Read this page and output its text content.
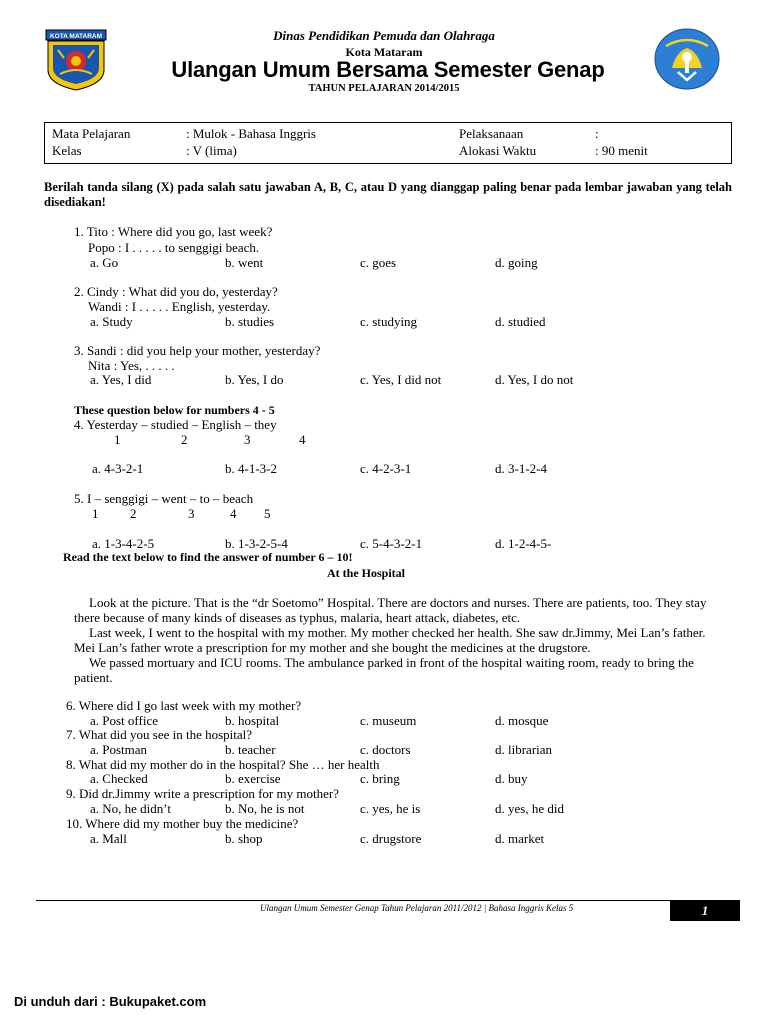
KOTA MATARAM	Dinas Pendidikan Pemuda dan Olahraga
Kota Mataram
Ulangan Umum Bersama Semester Genap
TAHUN PELAJARAN 2014/2015
Mata Pelajaran	: Mulok - Bahasa Inggris	Pelaksanaan	:
Kelas	: V (lima)	Alokasi Waktu	: 90 menit
Berilah tanda silang (X) pada salah satu jawaban A, B, C, atau D yang dianggap paling benar pada lembar jawaban yang telah disediakan!
1. Tito : Where did you go, last week?
Popo : I . . . . . to senggigi beach.
a. Go	b. went	c. goes	d. going
2. Cindy : What did you do, yesterday?
Wandi : I . . . . . English, yesterday.
a. Study	b. studies	c. studying	d. studied
3. Sandi : did you help your mother, yesterday?
Nita : Yes, . . . . .
a. Yes, I did	b. Yes, I do	c. Yes, I did not	d. Yes, I do not
These question below for numbers 4 - 5
4. Yesterday – studied – English – they
1	2	3	4
a. 4-3-2-1	b. 4-1-3-2	c. 4-2-3-1	d. 3-1-2-4
5. I – senggigi – went – to – beach
1 2	3	4 5
a. 1-3-4-2-5	b. 1-3-2-5-4	c. 5-4-3-2-1	d. 1-2-4-5-
Read the text below to find the answer of number 6 – 10!
At the Hospital
Look at the picture. That is the “dr Soetomo” Hospital. There are doctors and nurses. There are patients, too. They stay there because of many kinds of diseases as typhus, malaria, heart attack, diabetes, etc.
Last week, I went to the hospital with my mother. My mother checked her health. She saw dr.Jimmy, Mei Lan’s father. Mei Lan’s father wrote a prescription for my mother and she bought the medicines at the drugstore.
We passed mortuary and ICU rooms. The ambulance parked in front of the hospital waiting room, ready to bring the patient.
6. Where did I go last week with my mother?
a. Post office	b. hospital	c. museum	d. mosque
7. What did you see in the hospital?
a. Postman	b. teacher	c. doctors	d. librarian
8. What did my mother do in the hospital? She … her health
a. Checked	b. exercise	c. bring	d. buy
9. Did dr.Jimmy write a prescription for my mother?
a. No, he didn’t	b. No, he is not	c. yes, he is	d. yes, he did
10. Where did my mother buy the medicine?
a. Mall	b. shop	c. drugstore	d. market
Ulangan Umum Semester Genap Tahun Pelajaran 2011/2012 | Bahasa Inggris Kelas 5	1
Di unduh dari : Bukupaket.com
